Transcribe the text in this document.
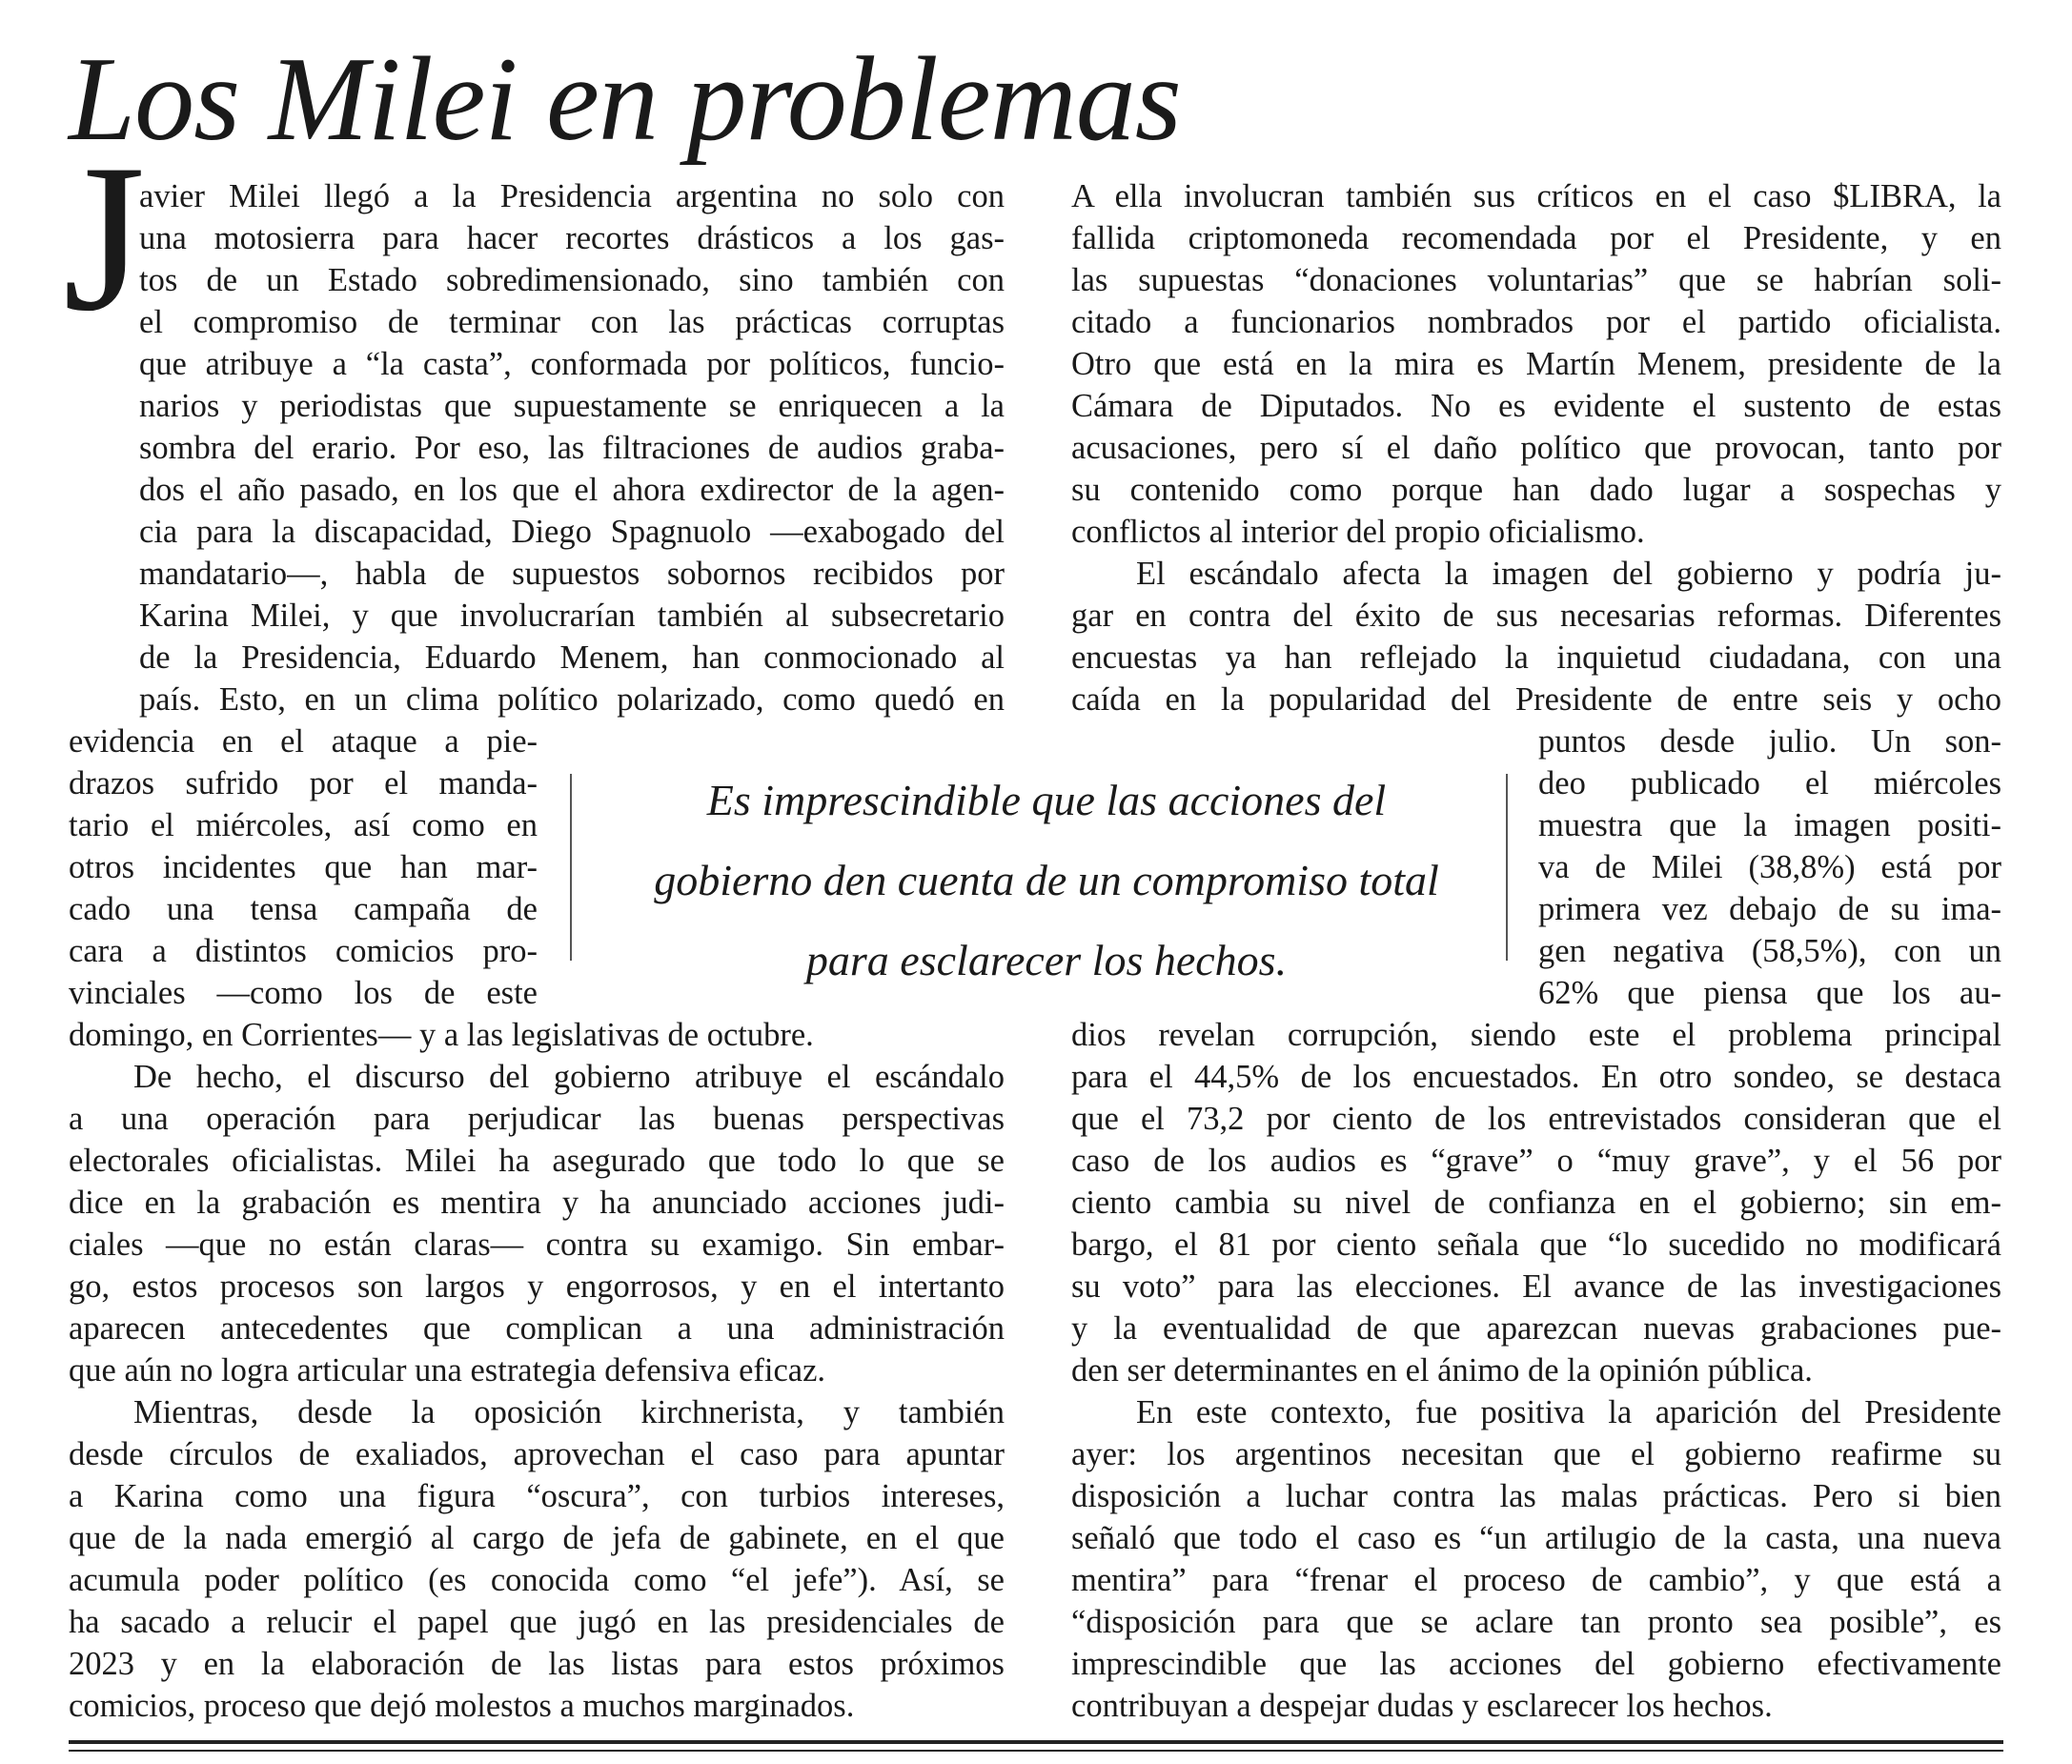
Los Milei en problemas
J
avier Milei llegó a la Presidencia argentina no solo con
una motosierra para hacer recortes drásticos a los gas-
tos de un Estado sobredimensionado, sino también con
el compromiso de terminar con las prácticas corruptas
que atribuye a “la casta”, conformada por políticos, funcio-
narios y periodistas que supuestamente se enriquecen a la
sombra del erario. Por eso, las filtraciones de audios graba-
dos el año pasado, en los que el ahora exdirector de la agen-
cia para la discapacidad, Diego Spagnuolo —exabogado del
mandatario—, habla de supuestos sobornos recibidos por
Karina Milei, y que involucrarían también al subsecretario
de la Presidencia, Eduardo Menem, han conmocionado al
país. Esto, en un clima político polarizado, como quedó en
evidencia en el ataque a pie-
drazos sufrido por el manda-
tario el miércoles, así como en
otros incidentes que han mar-
cado una tensa campaña de
cara a distintos comicios pro-
vinciales —como los de este
domingo, en Corrientes— y a las legislativas de octubre.
De hecho, el discurso del gobierno atribuye el escándalo
a una operación para perjudicar las buenas perspectivas
electorales oficialistas. Milei ha asegurado que todo lo que se
dice en la grabación es mentira y ha anunciado acciones judi-
ciales —que no están claras— contra su examigo. Sin embar-
go, estos procesos son largos y engorrosos, y en el intertanto
aparecen antecedentes que complican a una administración
que aún no logra articular una estrategia defensiva eficaz.
Mientras, desde la oposición kirchnerista, y también
desde círculos de exaliados, aprovechan el caso para apuntar
a Karina como una figura “oscura”, con turbios intereses,
que de la nada emergió al cargo de jefa de gabinete, en el que
acumula poder político (es conocida como “el jefe”). Así, se
ha sacado a relucir el papel que jugó en las presidenciales de
2023 y en la elaboración de las listas para estos próximos
comicios, proceso que dejó molestos a muchos marginados.
A ella involucran también sus críticos en el caso $LIBRA, la
fallida criptomoneda recomendada por el Presidente, y en
las supuestas “donaciones voluntarias” que se habrían soli-
citado a funcionarios nombrados por el partido oficialista.
Otro que está en la mira es Martín Menem, presidente de la
Cámara de Diputados. No es evidente el sustento de estas
acusaciones, pero sí el daño político que provocan, tanto por
su contenido como porque han dado lugar a sospechas y
conflictos al interior del propio oficialismo.
El escándalo afecta la imagen del gobierno y podría ju-
gar en contra del éxito de sus necesarias reformas. Diferentes
encuestas ya han reflejado la inquietud ciudadana, con una
caída en la popularidad del Presidente de entre seis y ocho
puntos desde julio. Un son-
deo publicado el miércoles
muestra que la imagen positi-
va de Milei (38,8%) está por
primera vez debajo de su ima-
gen negativa (58,5%), con un
62% que piensa que los au-
dios revelan corrupción, siendo este el problema principal
para el 44,5% de los encuestados. En otro sondeo, se destaca
que el 73,2 por ciento de los entrevistados consideran que el
caso de los audios es “grave” o “muy grave”, y el 56 por
ciento cambia su nivel de confianza en el gobierno; sin em-
bargo, el 81 por ciento señala que “lo sucedido no modificará
su voto” para las elecciones. El avance de las investigaciones
y la eventualidad de que aparezcan nuevas grabaciones pue-
den ser determinantes en el ánimo de la opinión pública.
En este contexto, fue positiva la aparición del Presidente
ayer: los argentinos necesitan que el gobierno reafirme su
disposición a luchar contra las malas prácticas. Pero si bien
señaló que todo el caso es “un artilugio de la casta, una nueva
mentira” para “frenar el proceso de cambio”, y que está a
“disposición para que se aclare tan pronto sea posible”, es
imprescindible que las acciones del gobierno efectivamente
contribuyan a despejar dudas y esclarecer los hechos.
Es imprescindible que las acciones del
gobierno den cuenta de un compromiso total
para esclarecer los hechos.
